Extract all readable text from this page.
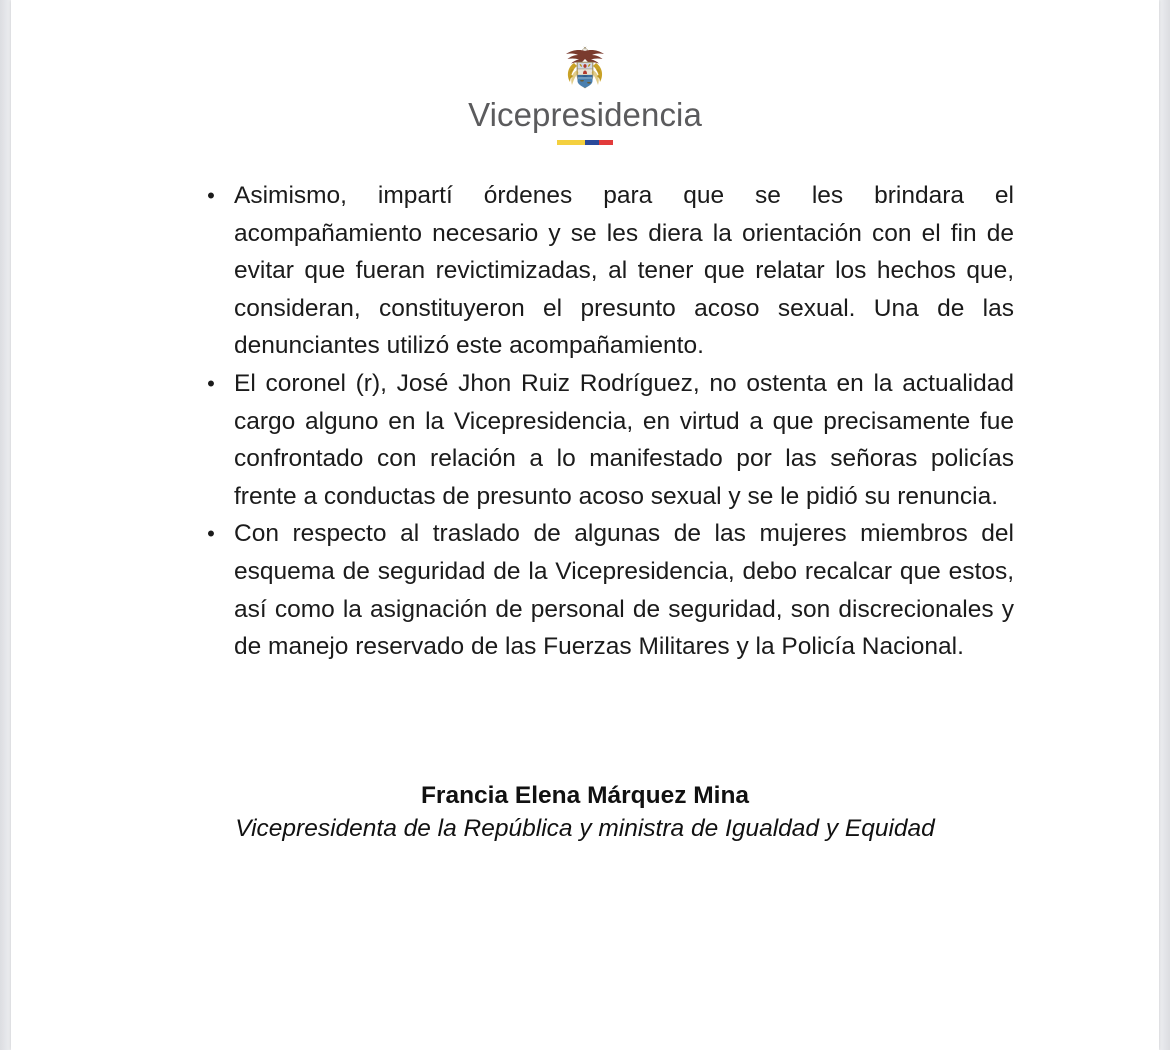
Vicepresidencia
• Asimismo, impartí órdenes para que se les brindara el acompañamiento necesario y se les diera la orientación con el fin de evitar que fueran revictimizadas, al tener que relatar los hechos que, consideran, constituyeron el presunto acoso sexual. Una de las denunciantes utilizó este acompañamiento.
• El coronel (r), José Jhon Ruiz Rodríguez, no ostenta en la actualidad cargo alguno en la Vicepresidencia, en virtud a que precisamente fue confrontado con relación a lo manifestado por las señoras policías frente a conductas de presunto acoso sexual y se le pidió su renuncia.
• Con respecto al traslado de algunas de las mujeres miembros del esquema de seguridad de la Vicepresidencia, debo recalcar que estos, así como la asignación de personal de seguridad, son discrecionales y de manejo reservado de las Fuerzas Militares y la Policía Nacional.
Francia Elena Márquez Mina
Vicepresidenta de la República y ministra de Igualdad y Equidad
